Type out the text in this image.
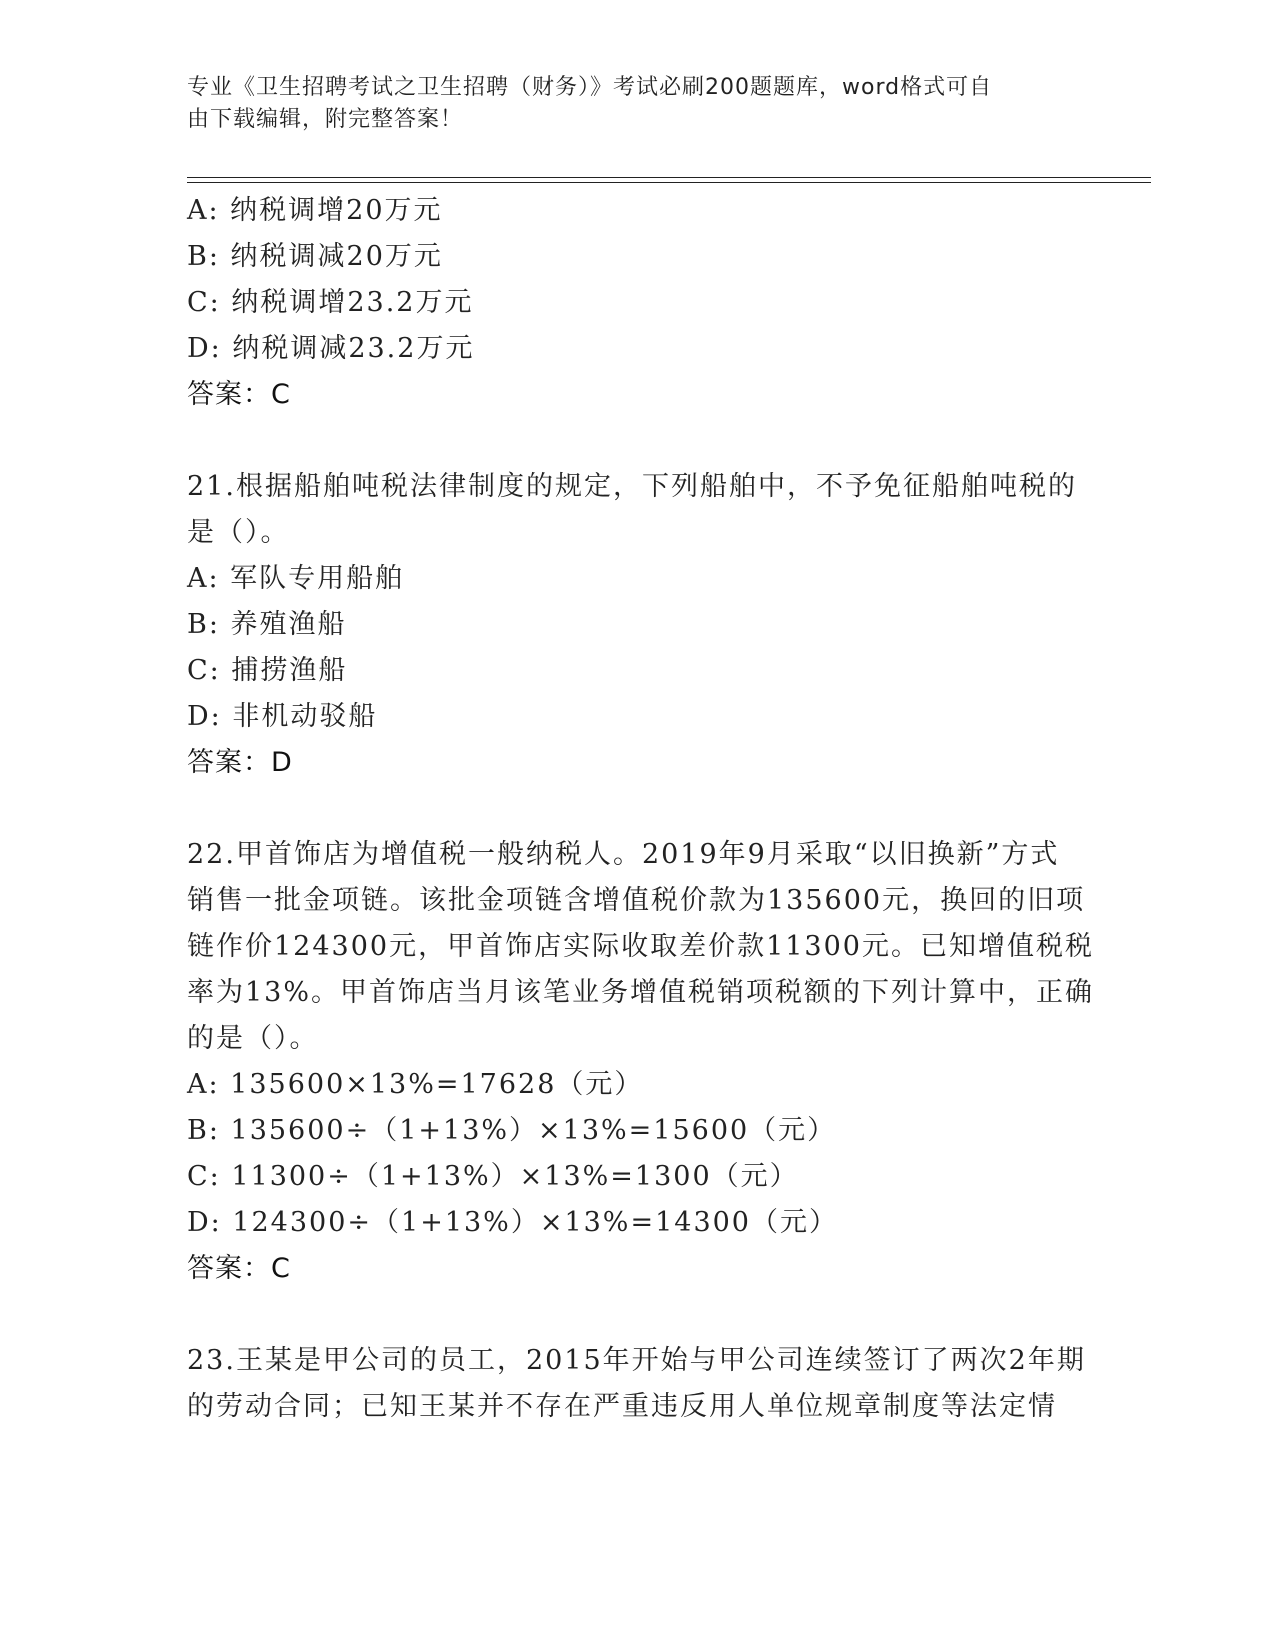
专业《卫生招聘考试之卫生招聘（财务）》考试必刷200题题库，word格式可自
由下载编辑，附完整答案！
A: 纳税调增20万元
B: 纳税调减20万元
C: 纳税调增23.2万元
D: 纳税调减23.2万元
答案：C
21.根据船舶吨税法律制度的规定，下列船舶中，不予免征船舶吨税的
是（）。
A: 军队专用船舶
B: 养殖渔船
C: 捕捞渔船
D: 非机动驳船
答案：D
22.甲首饰店为增值税一般纳税人。2019年9月采取“以旧换新”方式
销售一批金项链。该批金项链含增值税价款为135600元，换回的旧项
链作价124300元，甲首饰店实际收取差价款11300元。已知增值税税
率为13%。甲首饰店当月该笔业务增值税销项税额的下列计算中，正确
的是（）。
A: 135600×13%=17628（元）
B: 135600÷（1+13%）×13%=15600（元）
C: 11300÷（1+13%）×13%=1300（元）
D: 124300÷（1+13%）×13%=14300（元）
答案：C
23.王某是甲公司的员工，2015年开始与甲公司连续签订了两次2年期
的劳动合同；已知王某并不存在严重违反用人单位规章制度等法定情
